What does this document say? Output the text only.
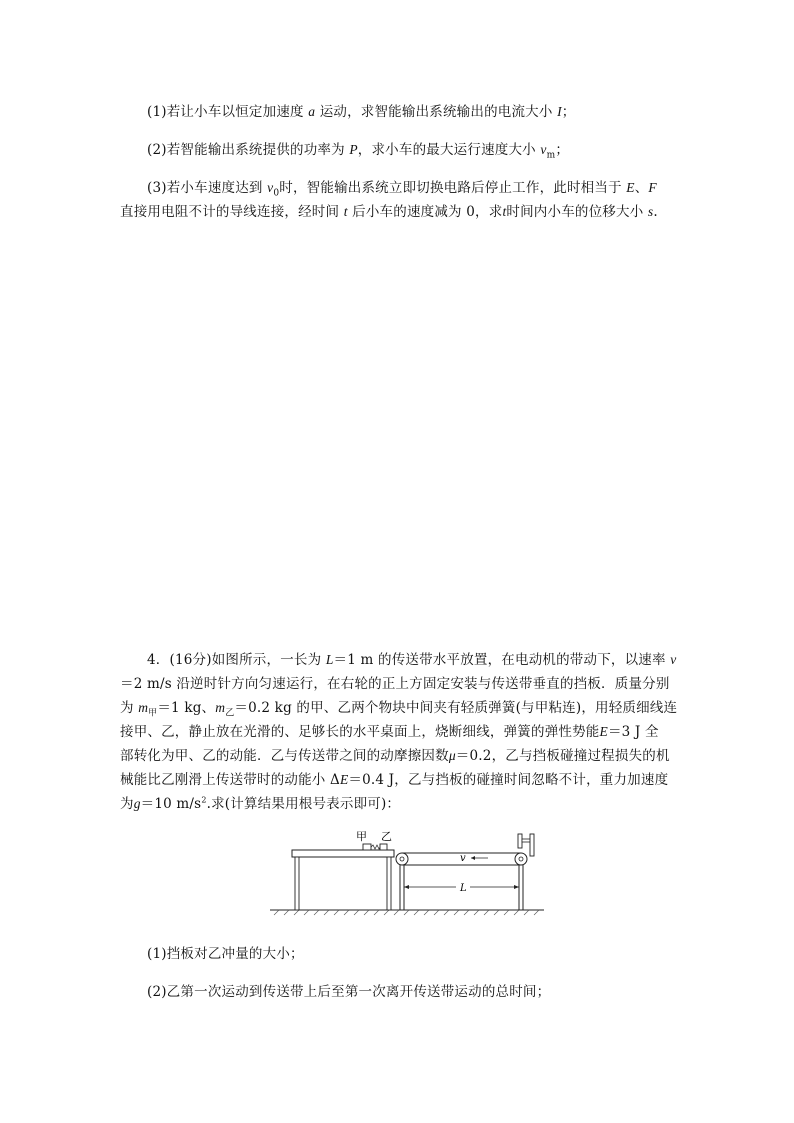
(1)若让小车以恒定加速度 a 运动，求智能输出系统输出的电流大小 I；
(2)若智能输出系统提供的功率为 P，求小车的最大运行速度大小 $v_m$；
(3)若小车速度达到 $v_0$时，智能输出系统立即切换电路后停止工作，此时相当于 E、F
直接用电阻不计的导线连接，经时间 t 后小车的速度减为 0，求t时间内小车的位移大小 s.
4．(16分)如图所示，一长为 L＝1 m 的传送带水平放置，在电动机的带动下，以速率 v
＝2 m/s 沿逆时针方向匀速运行，在右轮的正上方固定安装与传送带垂直的挡板．质量分别
为 $m_甲=1$ kg、$m_乙=0.2$ kg 的甲、乙两个物块中间夹有轻质弹簧(与甲粘连)，用轻质细线连
接甲、乙，静止放在光滑的、足够长的水平桌面上，烧断细线，弹簧的弹性势能E＝3 J 全
部转化为甲、乙的动能．乙与传送带之间的动摩擦因数μ＝0.2，乙与挡板碰撞过程损失的机
械能比乙刚滑上传送带时的动能小 ΔE＝0.4 J，乙与挡板的碰撞时间忽略不计，重力加速度
为g＝10 $m/s^2$.求(计算结果用根号表示即可)：
甲 乙
v
L
(1)挡板对乙冲量的大小；
(2)乙第一次运动到传送带上后至第一次离开传送带运动的总时间；
